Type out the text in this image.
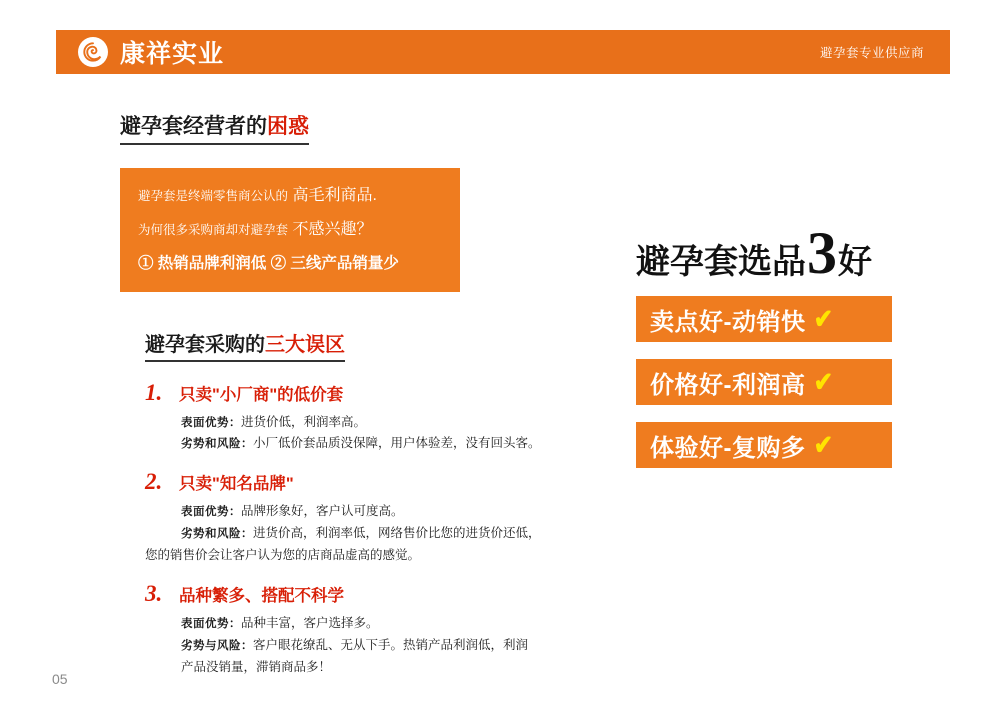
康祥实业	避孕套专业供应商
避孕套经营者的困惑
避孕套是终端零售商公认的 高毛利商品.
为何很多采购商却对避孕套 不感兴趣？
① 热销品牌利润低 ② 三线产品销量少
避孕套采购的三大误区
1.	只卖"小厂商"的低价套
表面优势：进货价低，利润率高。
劣势和风险：小厂低价套品质没保障，用户体验差，没有回头客。
2.	只卖"知名品牌"
表面优势：品牌形象好，客户认可度高。
劣势和风险：进货价高，利润率低，网络售价比您的进货价还低，
您的销售价会让客户认为您的店商品虚高的感觉。
3.	品种繁多、搭配不科学
表面优势：品种丰富，客户选择多。
劣势与风险：客户眼花缭乱、无从下手。热销产品利润低，利润
产品没销量，滞销商品多！
避孕套选品 3 好
卖点好-动销快 ✔
价格好-利润高 ✔
体验好-复购多 ✔
05
